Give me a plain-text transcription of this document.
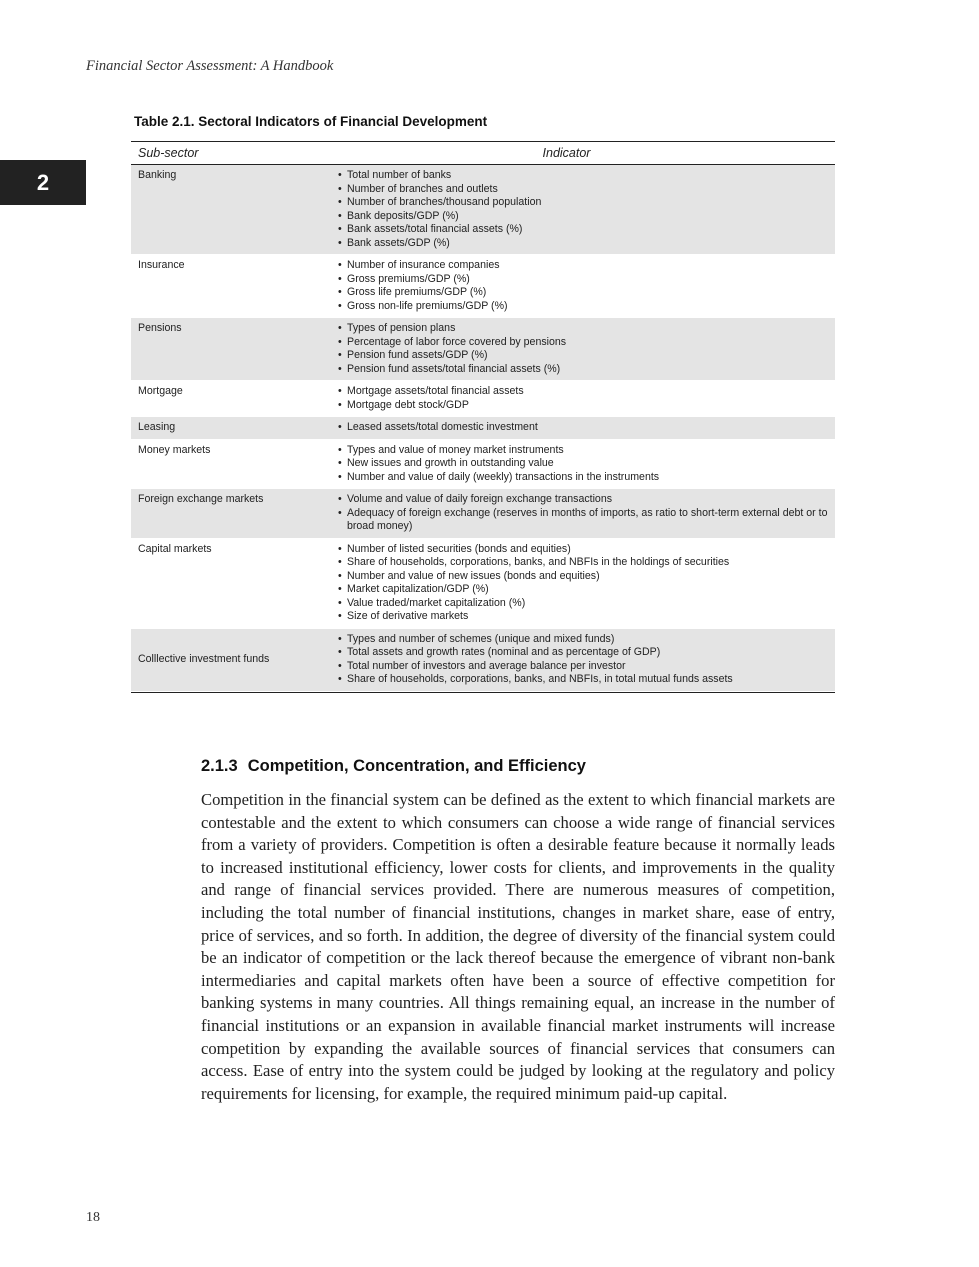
Financial Sector Assessment: A Handbook
2
Table 2.1. Sectoral Indicators of Financial Development
Sub-sector	Indicator
Banking	• Total number of banks
• Number of branches and outlets
• Number of branches/thousand population
• Bank deposits/GDP (%)
• Bank assets/total financial assets (%)
• Bank assets/GDP (%)
Insurance	• Number of insurance companies
• Gross premiums/GDP (%)
• Gross life premiums/GDP (%)
• Gross non-life premiums/GDP (%)
Pensions	• Types of pension plans
• Percentage of labor force covered by pensions
• Pension fund assets/GDP (%)
• Pension fund assets/total financial assets (%)
Mortgage	• Mortgage assets/total financial assets
• Mortgage debt stock/GDP
Leasing	• Leased assets/total domestic investment
Money markets	• Types and value of money market instruments
• New issues and growth in outstanding value
• Number and value of daily (weekly) transactions in the instruments
Foreign exchange markets	• Volume and value of daily foreign exchange transactions
• Adequacy of foreign exchange (reserves in months of imports, as ratio to short-term external debt or to broad money)
Capital markets	• Number of listed securities (bonds and equities)
• Share of households, corporations, banks, and NBFIs in the holdings of securities
• Number and value of new issues (bonds and equities)
• Market capitalization/GDP (%)
• Value traded/market capitalization (%)
• Size of derivative markets
Colllective investment funds
• Types and number of schemes (unique and mixed funds)
• Total assets and growth rates (nominal and as percentage of GDP)
• Total number of investors and average balance per investor
• Share of households, corporations, banks, and NBFIs, in total mutual funds assets
2.1.3 Competition, Concentration, and Efficiency

Competition in the financial system can be defined as the extent to which financial markets are contestable and the extent to which consumers can choose a wide range of financial services from a variety of providers. Competition is often a desirable feature because it normally leads to increased institutional efficiency, lower costs for clients, and improvements in the quality and range of financial services provided. There are numerous measures of competition, including the total number of financial institutions, changes in market share, ease of entry, price of services, and so forth. In addition, the degree of diversity of the financial system could be an indicator of competition or the lack thereof because the emergence of vibrant non-bank intermediaries and capital markets often have been a source of effective competition for banking systems in many countries. All things remaining equal, an increase in the number of financial institutions or an expansion in available financial market instruments will increase competition by expanding the available sources of financial services that consumers can access. Ease of entry into the system could be judged by looking at the regulatory and policy requirements for licensing, for example, the required minimum paid-up capital.

18
